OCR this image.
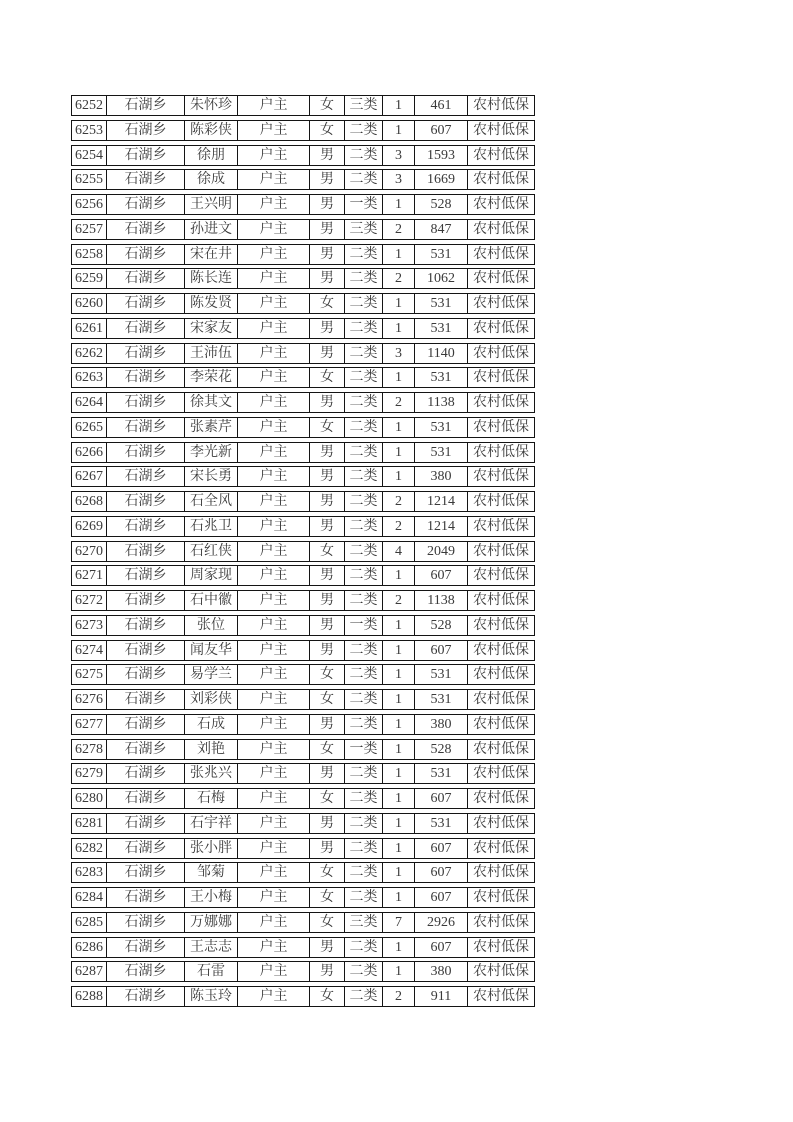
6252	石湖乡	朱怀珍	户主	女	三类	1	461	农村低保
6253	石湖乡	陈彩侠	户主	女	二类	1	607	农村低保
6254	石湖乡	徐朋	户主	男	二类	3	1593	农村低保
6255	石湖乡	徐成	户主	男	二类	3	1669	农村低保
6256	石湖乡	王兴明	户主	男	一类	1	528	农村低保
6257	石湖乡	孙进文	户主	男	三类	2	847	农村低保
6258	石湖乡	宋在井	户主	男	二类	1	531	农村低保
6259	石湖乡	陈长连	户主	男	二类	2	1062	农村低保
6260	石湖乡	陈发贤	户主	女	二类	1	531	农村低保
6261	石湖乡	宋家友	户主	男	二类	1	531	农村低保
6262	石湖乡	王沛伍	户主	男	二类	3	1140	农村低保
6263	石湖乡	李荣花	户主	女	二类	1	531	农村低保
6264	石湖乡	徐其文	户主	男	二类	2	1138	农村低保
6265	石湖乡	张素芹	户主	女	二类	1	531	农村低保
6266	石湖乡	李光新	户主	男	二类	1	531	农村低保
6267	石湖乡	宋长勇	户主	男	二类	1	380	农村低保
6268	石湖乡	石全风	户主	男	二类	2	1214	农村低保
6269	石湖乡	石兆卫	户主	男	二类	2	1214	农村低保
6270	石湖乡	石红侠	户主	女	二类	4	2049	农村低保
6271	石湖乡	周家现	户主	男	二类	1	607	农村低保
6272	石湖乡	石中徽	户主	男	二类	2	1138	农村低保
6273	石湖乡	张位	户主	男	一类	1	528	农村低保
6274	石湖乡	闻友华	户主	男	二类	1	607	农村低保
6275	石湖乡	易学兰	户主	女	二类	1	531	农村低保
6276	石湖乡	刘彩侠	户主	女	二类	1	531	农村低保
6277	石湖乡	石成	户主	男	二类	1	380	农村低保
6278	石湖乡	刘艳	户主	女	一类	1	528	农村低保
6279	石湖乡	张兆兴	户主	男	二类	1	531	农村低保
6280	石湖乡	石梅	户主	女	二类	1	607	农村低保
6281	石湖乡	石宇祥	户主	男	二类	1	531	农村低保
6282	石湖乡	张小胖	户主	男	二类	1	607	农村低保
6283	石湖乡	邹菊	户主	女	二类	1	607	农村低保
6284	石湖乡	王小梅	户主	女	二类	1	607	农村低保
6285	石湖乡	万娜娜	户主	女	三类	7	2926	农村低保
6286	石湖乡	王志志	户主	男	二类	1	607	农村低保
6287	石湖乡	石雷	户主	男	二类	1	380	农村低保
6288	石湖乡	陈玉玲	户主	女	二类	2	911	农村低保
